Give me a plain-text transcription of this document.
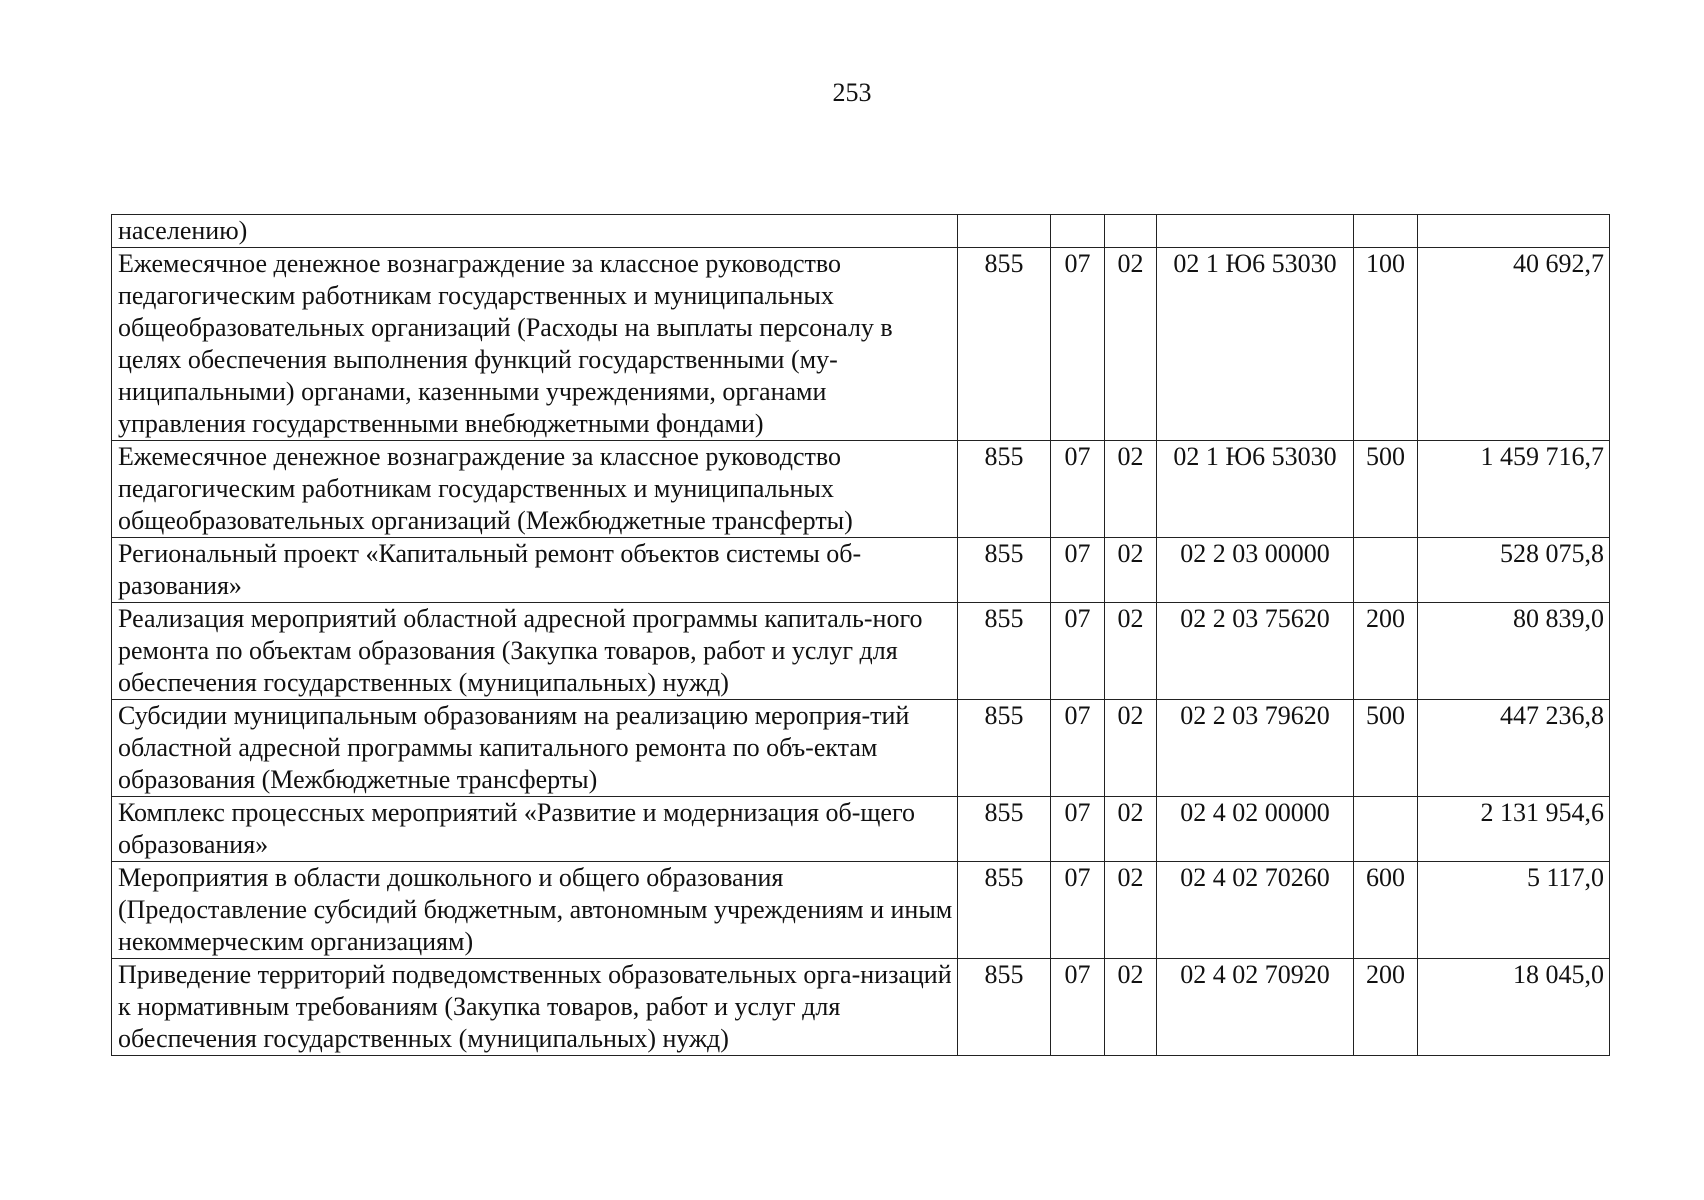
253
населению)						
Ежемесячное денежное вознаграждение за классное руководство педагогическим работникам государственных и муниципальных общеобразовательных организаций (Расходы на выплаты персоналу в целях обеспечения выполнения функций государственными (му-ниципальными) органами, казенными учреждениями, органами управления государственными внебюджетными фондами)	855	07	02	02 1 Ю6 53030	100	40 692,7
Ежемесячное денежное вознаграждение за классное руководство педагогическим работникам государственных и муниципальных общеобразовательных организаций (Межбюджетные трансферты)	855	07	02	02 1 Ю6 53030	500	1 459 716,7
Региональный проект «Капитальный ремонт объектов системы об-разования»	855	07	02	02 2 03 00000		528 075,8
Реализация мероприятий областной адресной программы капиталь-ного ремонта по объектам образования (Закупка товаров, работ и услуг для обеспечения государственных (муниципальных) нужд)	855	07	02	02 2 03 75620	200	80 839,0
Субсидии муниципальным образованиям на реализацию мероприя-тий областной адресной программы капитального ремонта по объ-ектам образования (Межбюджетные трансферты)	855	07	02	02 2 03 79620	500	447 236,8
Комплекс процессных мероприятий «Развитие и модернизация об-щего образования»	855	07	02	02 4 02 00000		2 131 954,6
Мероприятия в области дошкольного и общего образования (Предоставление субсидий бюджетным, автономным учреждениям и иным некоммерческим организациям)	855	07	02	02 4 02 70260	600	5 117,0
Приведение территорий подведомственных образовательных орга-низаций к нормативным требованиям (Закупка товаров, работ и услуг для обеспечения государственных (муниципальных) нужд)	855	07	02	02 4 02 70920	200	18 045,0
